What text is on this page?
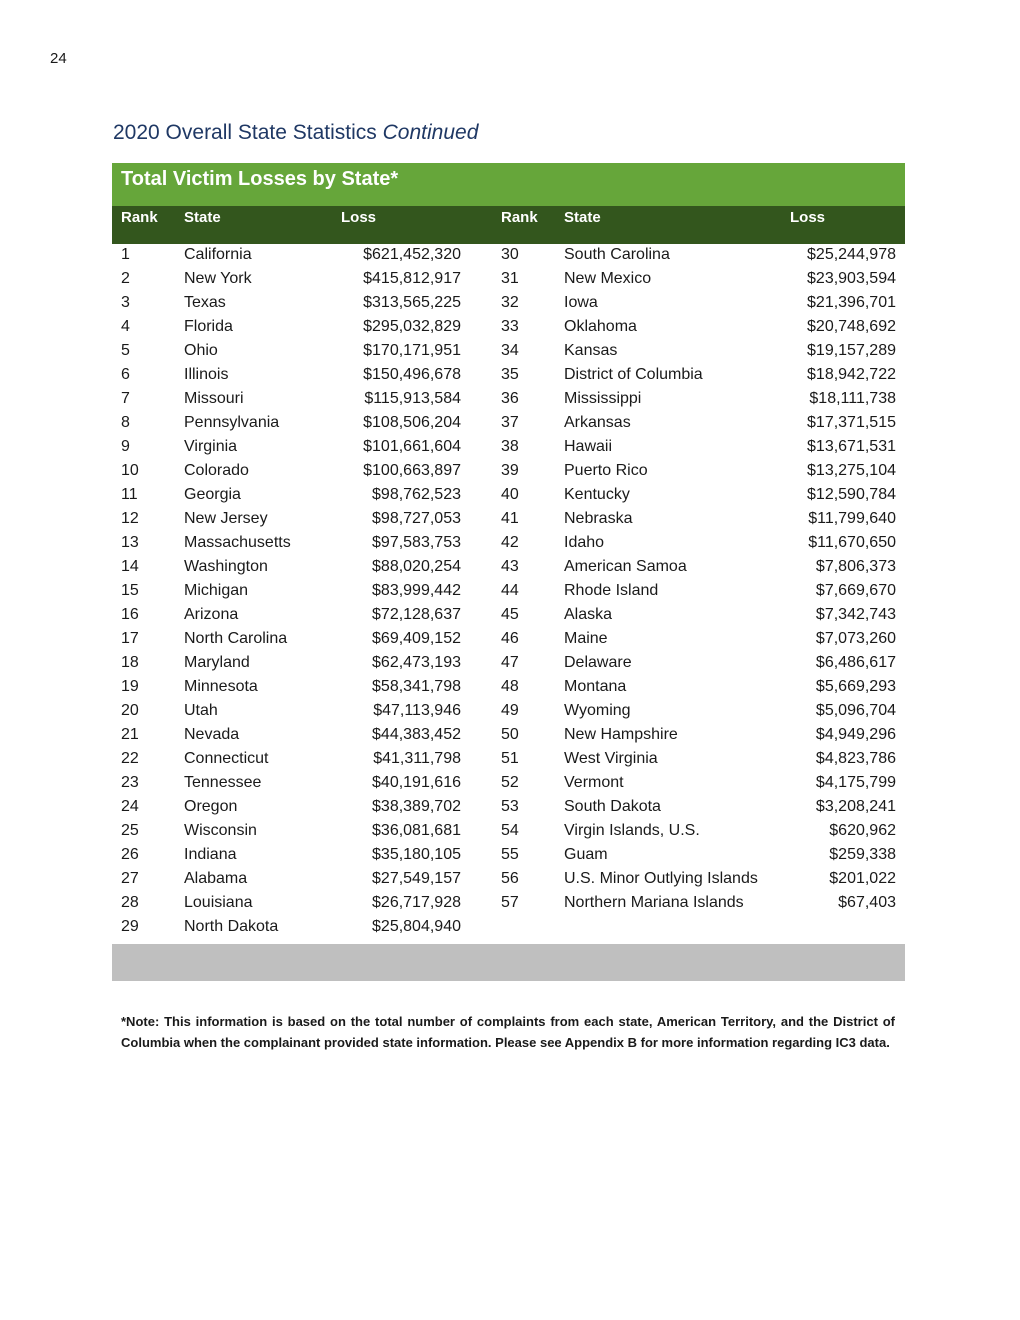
24
2020 Overall State Statistics Continued
Total Victim Losses by State*
Rank State	Loss	Rank State	Loss
1	California	$621,452,320	30	South Carolina	$25,244,978
2	New York	$415,812,917	31	New Mexico	$23,903,594
3	Texas	$313,565,225	32	Iowa	$21,396,701
4	Florida	$295,032,829	33	Oklahoma	$20,748,692
5	Ohio	$170,171,951	34	Kansas	$19,157,289
6	Illinois	$150,496,678	35	District of Columbia	$18,942,722
7	Missouri	$115,913,584	36	Mississippi	$18,111,738
8	Pennsylvania	$108,506,204	37	Arkansas	$17,371,515
9	Virginia	$101,661,604	38	Hawaii	$13,671,531
10	Colorado	$100,663,897	39	Puerto Rico	$13,275,104
11	Georgia	$98,762,523	40	Kentucky	$12,590,784
12	New Jersey	$98,727,053	41	Nebraska	$11,799,640
13	Massachusetts	$97,583,753	42	Idaho	$11,670,650
14	Washington	$88,020,254	43	American Samoa	$7,806,373
15	Michigan	$83,999,442	44	Rhode Island	$7,669,670
16	Arizona	$72,128,637	45	Alaska	$7,342,743
17	North Carolina	$69,409,152	46	Maine	$7,073,260
18	Maryland	$62,473,193	47	Delaware	$6,486,617
19	Minnesota	$58,341,798	48	Montana	$5,669,293
20	Utah	$47,113,946	49	Wyoming	$5,096,704
21	Nevada	$44,383,452	50	New Hampshire	$4,949,296
22	Connecticut	$41,311,798	51	West Virginia	$4,823,786
23	Tennessee	$40,191,616	52	Vermont	$4,175,799
24	Oregon	$38,389,702	53	South Dakota	$3,208,241
25	Wisconsin	$36,081,681	54	Virgin Islands, U.S.	$620,962
26	Indiana	$35,180,105	55	Guam	$259,338
27	Alabama	$27,549,157	56	U.S. Minor Outlying Islands	$201,022
28	Louisiana	$26,717,928	57	Northern Mariana Islands	$67,403
29	North Dakota	$25,804,940
*Note: This information is based on the total number of complaints from each state, American Territory, and the District of Columbia when the complainant provided state information. Please see Appendix B for more information regarding IC3 data.
